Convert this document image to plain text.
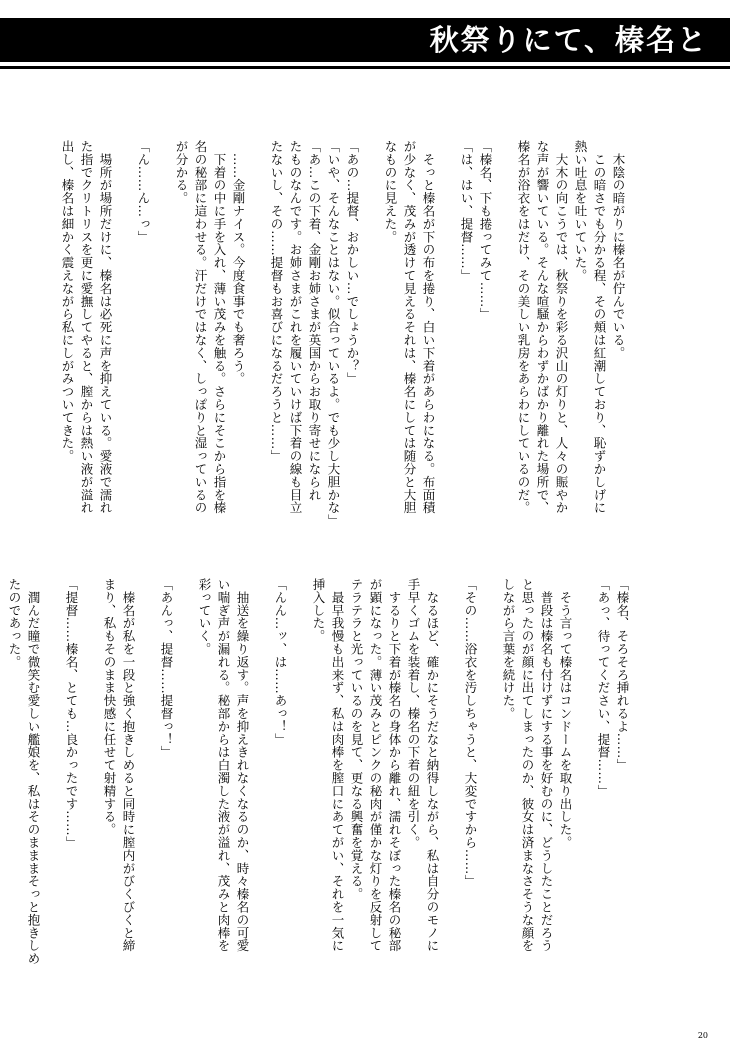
秋祭りにて、榛名と
　木陰の暗がりに榛名が佇んでいる。
　この暗さでも分かる程、その頬は紅潮しており、恥ずかしげに
熱い吐息を吐いていた。
　大木の向こうでは、秋祭りを彩る沢山の灯りと、人々の賑やか
な声が響いている。そんな喧騒からわずかばかり離れた場所で、
榛名が浴衣をはだけ、その美しい乳房をあらわにしているのだ。

「榛名、下も捲ってみて……」
「は、はい、提督……」

　そっと榛名が下の布を捲り、白い下着があらわになる。布面積
が少なく、茂みが透けて見えるそれは、榛名にしては随分と大胆
なものに見えた。

「あの…提督、おかしい…でしょうか？」
「いや、そんなことはない。似合っているよ。でも少し大胆かな」
「あ…この下着、金剛お姉さまが英国からお取り寄せになられ
たものなんです。お姉さまがこれを履いていけば下着の線も目立
たないし、その……提督もお喜びになるだろうと……」

　……金剛ナイス。今度食事でも奢ろう。
　下着の中に手を入れ、薄い茂みを触る。さらにそこから指を榛
名の秘部に這わせる。汗だけではなく、しっぽりと湿っているの
が分かる。

「ん……ん…っ」

　場所が場所だけに、榛名は必死に声を抑えている。愛液で濡れ
た指でクリトリスを更に愛撫してやると、膣からは熱い液が溢れ
出し、榛名は細かく震えながら私にしがみついてきた。
「榛名、そろそろ挿れるよ……」
「あっ、待ってください、提督……」

　そう言って榛名はコンドームを取り出した。
　普段は榛名も付けずにする事を好むのに、どうしたことだろう
と思ったのが顔に出てしまったのか、彼女は済まなさそうな顔を
しながら言葉を続けた。

「その……浴衣を汚しちゃうと、大変ですから……」

　なるほど、確かにそうだなと納得しながら、私は自分のモノに
手早くゴムを装着し、榛名の下着の紐を引く。
　するりと下着が榛名の身体から離れ、濡れそぼった榛名の秘部
が顕になった。薄い茂みとピンクの秘肉が僅かな灯りを反射して
テラテラと光っているのを見て、更なる興奮を覚える。
　最早我慢も出来ず、私は肉棒を膣口にあてがい、それを一気に
挿入した。

「んん…ッ、は……あっ！」

　抽送を繰り返す。声を抑えきれなくなるのか、時々榛名の可愛
い喘ぎ声が漏れる。秘部からは白濁した液が溢れ、茂みと肉棒を
彩っていく。

「あんっ、提督……提督っ！」

　榛名が私を一段と強く抱きしめると同時に膣内がびくびくと締
まり、私もそのまま快感に任せて射精する。

「提督……榛名、とても…良かったです……」

　潤んだ瞳で微笑む愛しい艦娘を、私はそのまままそっと抱きしめ
たのであった。
20
